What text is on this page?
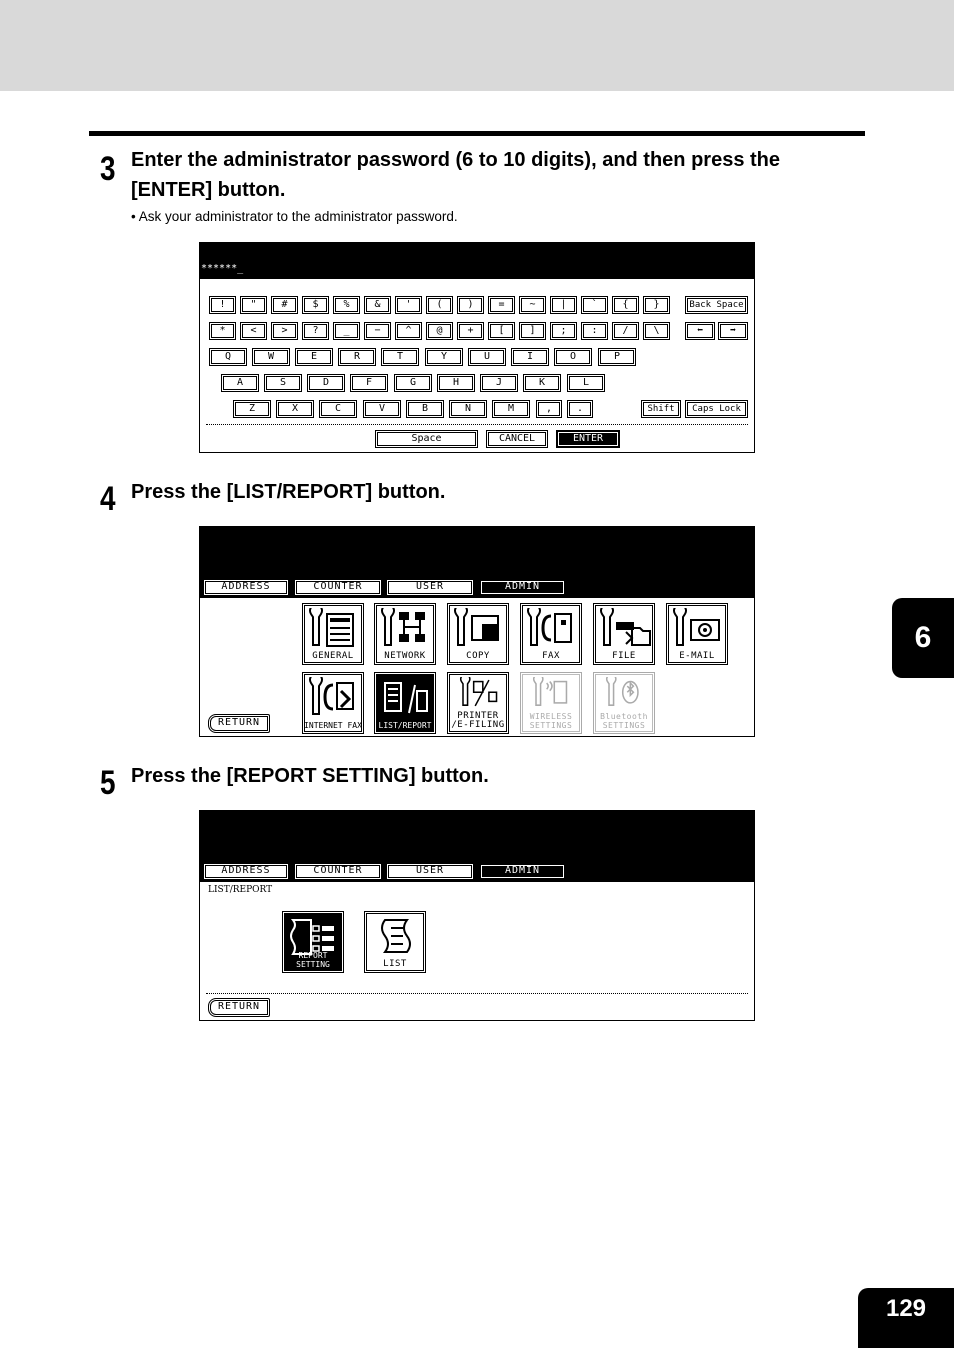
3 Enter the administrator password (6 to 10 digits), and then press the [ENTER] button.
• Ask your administrator to the administrator password.
******_
!	"	#	$	%	&	'	(	)	=	~	|	`	{	}	Back Space
*	<	>	?	_	−	^	@	+	[	]	;	:	/	\	⬅	➡
Q	W	E	R	T	Y	U	I	O	P
A	S	D	F	G	H	J	K	L
Z	X	C	V	B	N	M	,	.	Shift	Caps Lock
Space	CANCEL	ENTER
4 Press the [LIST/REPORT] button.
ADDRESS	COUNTER	USER	ADMIN
GENERAL	NETWORK	COPY	FAX	FILE	E-MAIL
INTERNET FAX	LIST/REPORT
PRINTER /E-FILING
WIRELESS SETTINGS
Bluetooth SETTINGS
RETURN
5 Press the [REPORT SETTING] button.
ADDRESS	COUNTER	USER	ADMIN
LIST/REPORT
REPORT SETTING	LIST
RETURN
6
129
